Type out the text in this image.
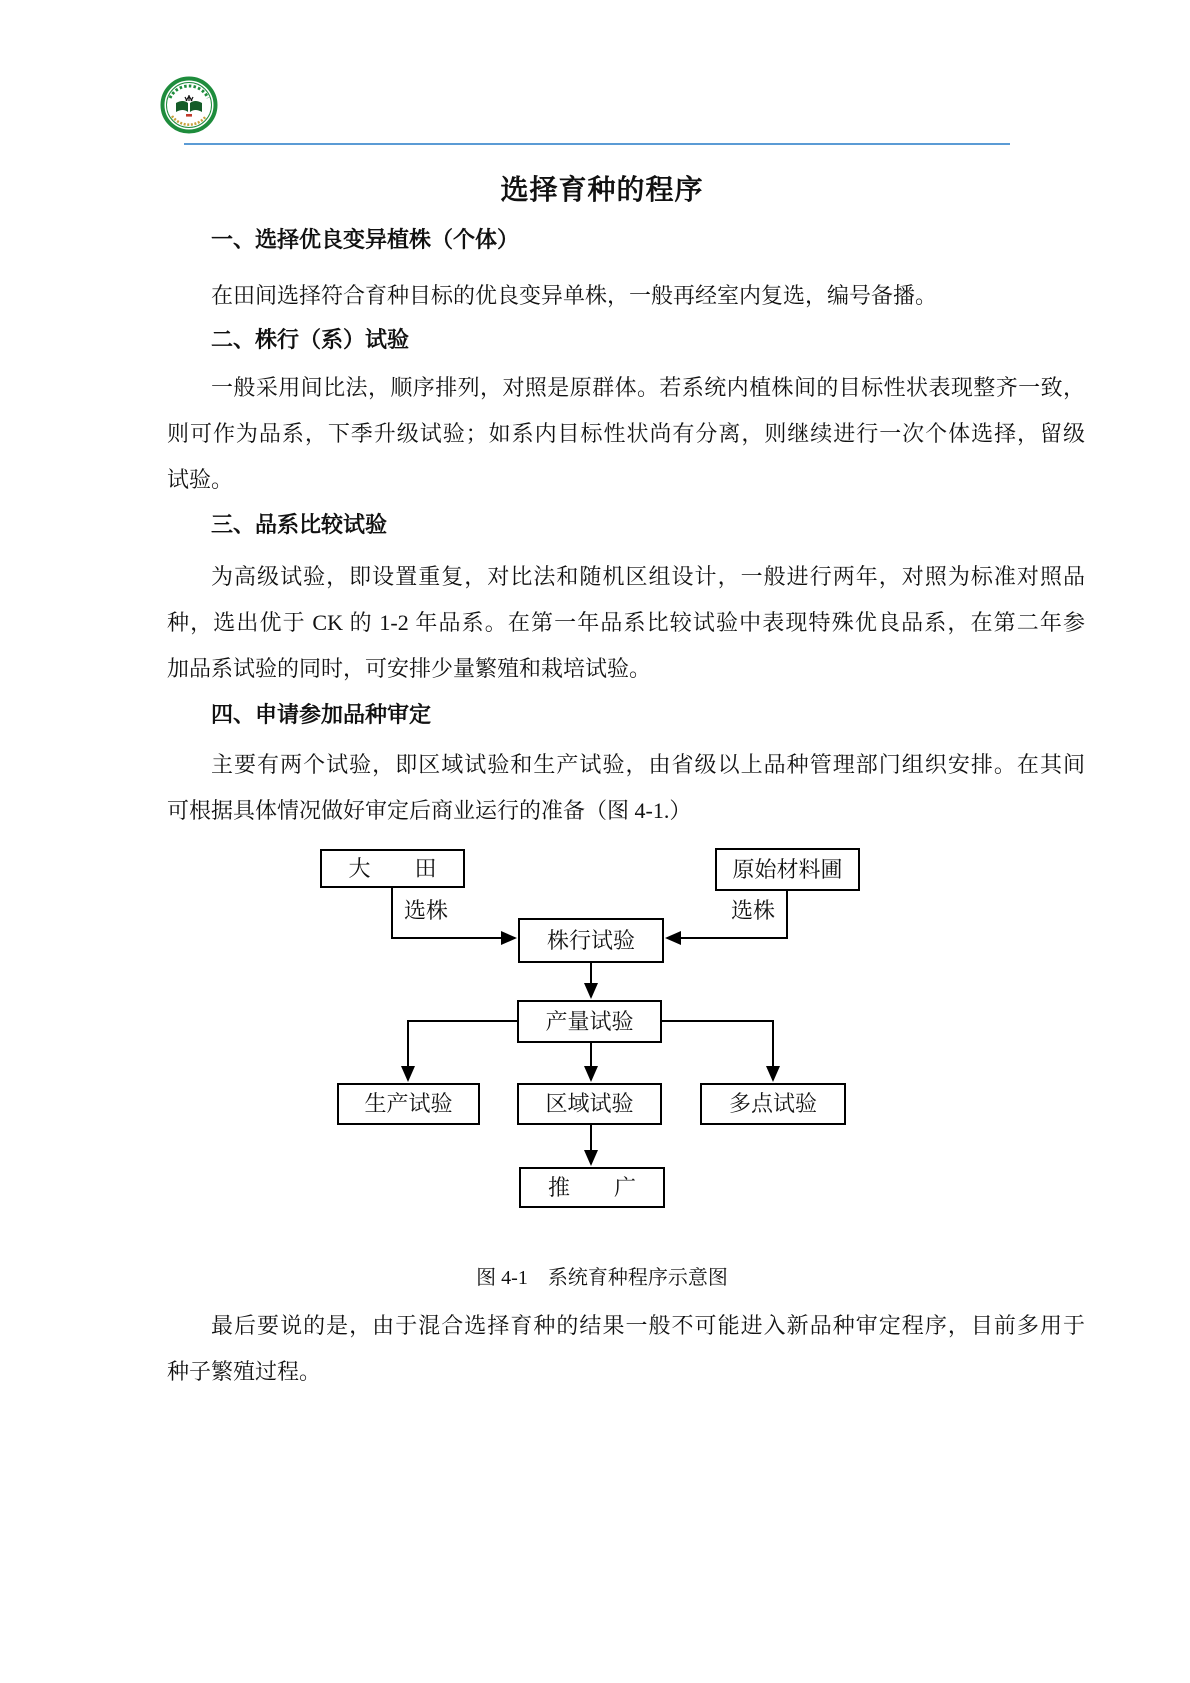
选择育种的程序
一、选择优良变异植株（个体）
在田间选择符合育种目标的优良变异单株，一般再经室内复选，编号备播。
二、株行（系）试验
一般采用间比法，顺序排列，对照是原群体。若系统内植株间的目标性状表现整齐一致，
则可作为品系，下季升级试验；如系内目标性状尚有分离，则继续进行一次个体选择，留级
试验。
三、品系比较试验
为高级试验，即设置重复，对比法和随机区组设计，一般进行两年，对照为标准对照品
种，选出优于 CK 的 1-2 年品系。在第一年品系比较试验中表现特殊优良品系，在第二年参
加品系试验的同时，可安排少量繁殖和栽培试验。
四、申请参加品种审定
主要有两个试验，即区域试验和生产试验，由省级以上品种管理部门组织安排。在其间
可根据具体情况做好审定后商业运行的准备（图 4-1.）
大　　田	原始材料圃
株行试验
产量试验
生产试验	区域试验	多点试验
推　　广
选株	选株
图 4-1　系统育种程序示意图
最后要说的是，由于混合选择育种的结果一般不可能进入新品种审定程序，目前多用于
种子繁殖过程。
